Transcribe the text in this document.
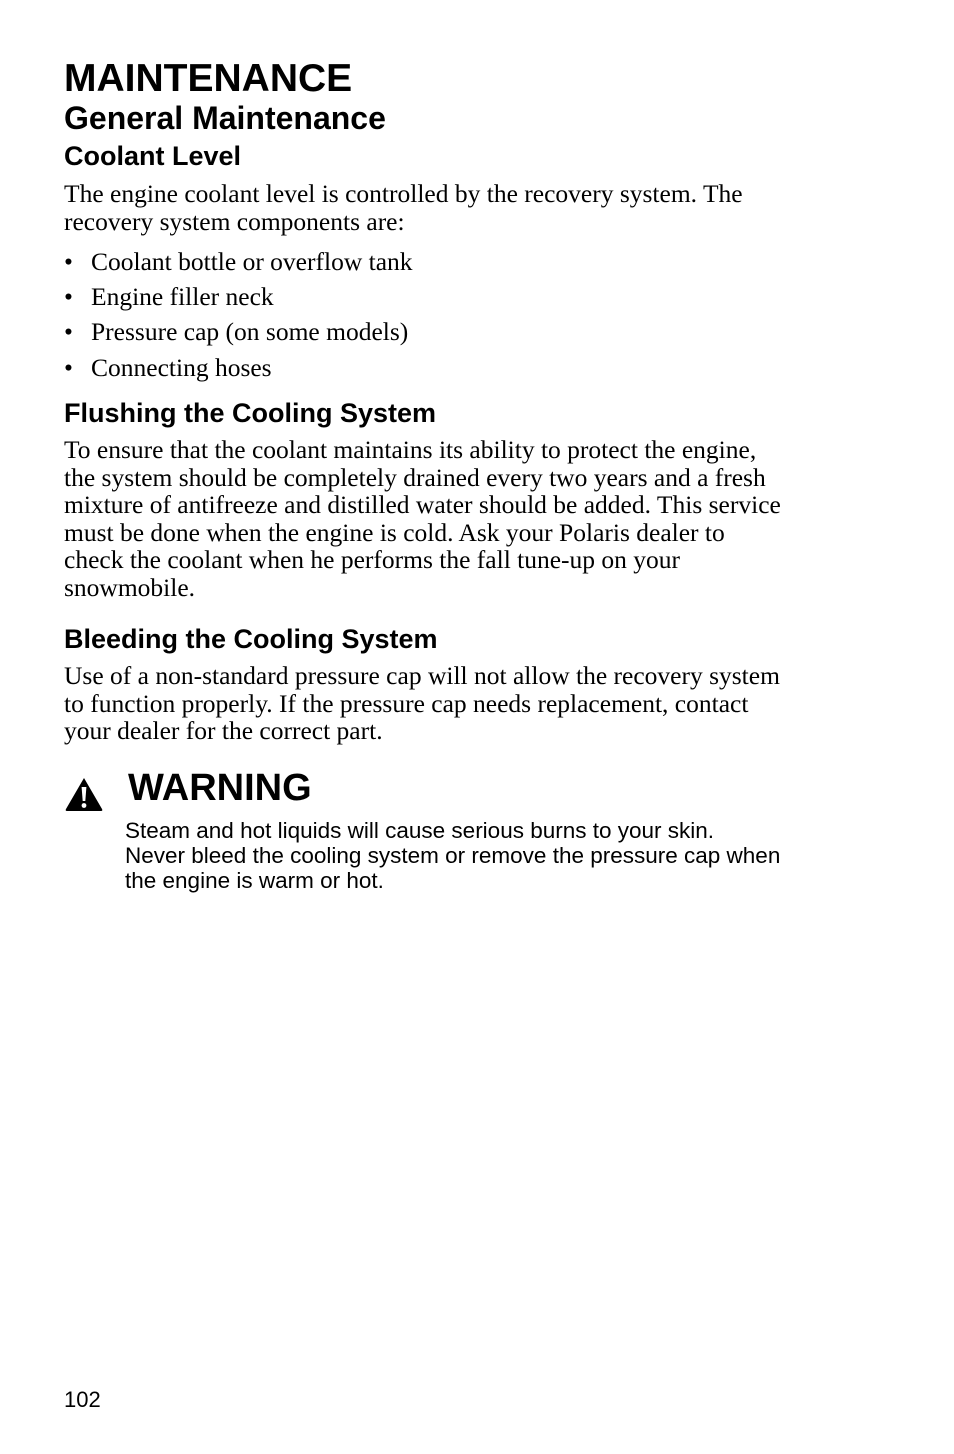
MAINTENANCE
General Maintenance
Coolant Level

The engine coolant level is controlled by the recovery system. The
recovery system components are:

• Coolant bottle or overflow tank
• Engine filler neck
• Pressure cap (on some models)
• Connecting hoses
Flushing the Cooling System

To ensure that the coolant maintains its ability to protect the engine,
the system should be completely drained every two years and a fresh
mixture of antifreeze and distilled water should be added. This service
must be done when the engine is cold. Ask your Polaris dealer to
check the coolant when he performs the fall tune-up on your
snowmobile.

Bleeding the Cooling System

Use of a non-standard pressure cap will not allow the recovery system
to function properly. If the pressure cap needs replacement, contact
your dealer for the correct part.

WARNING

Steam and hot liquids will cause serious burns to your skin.
Never bleed the cooling system or remove the pressure cap when
the engine is warm or hot.

102
